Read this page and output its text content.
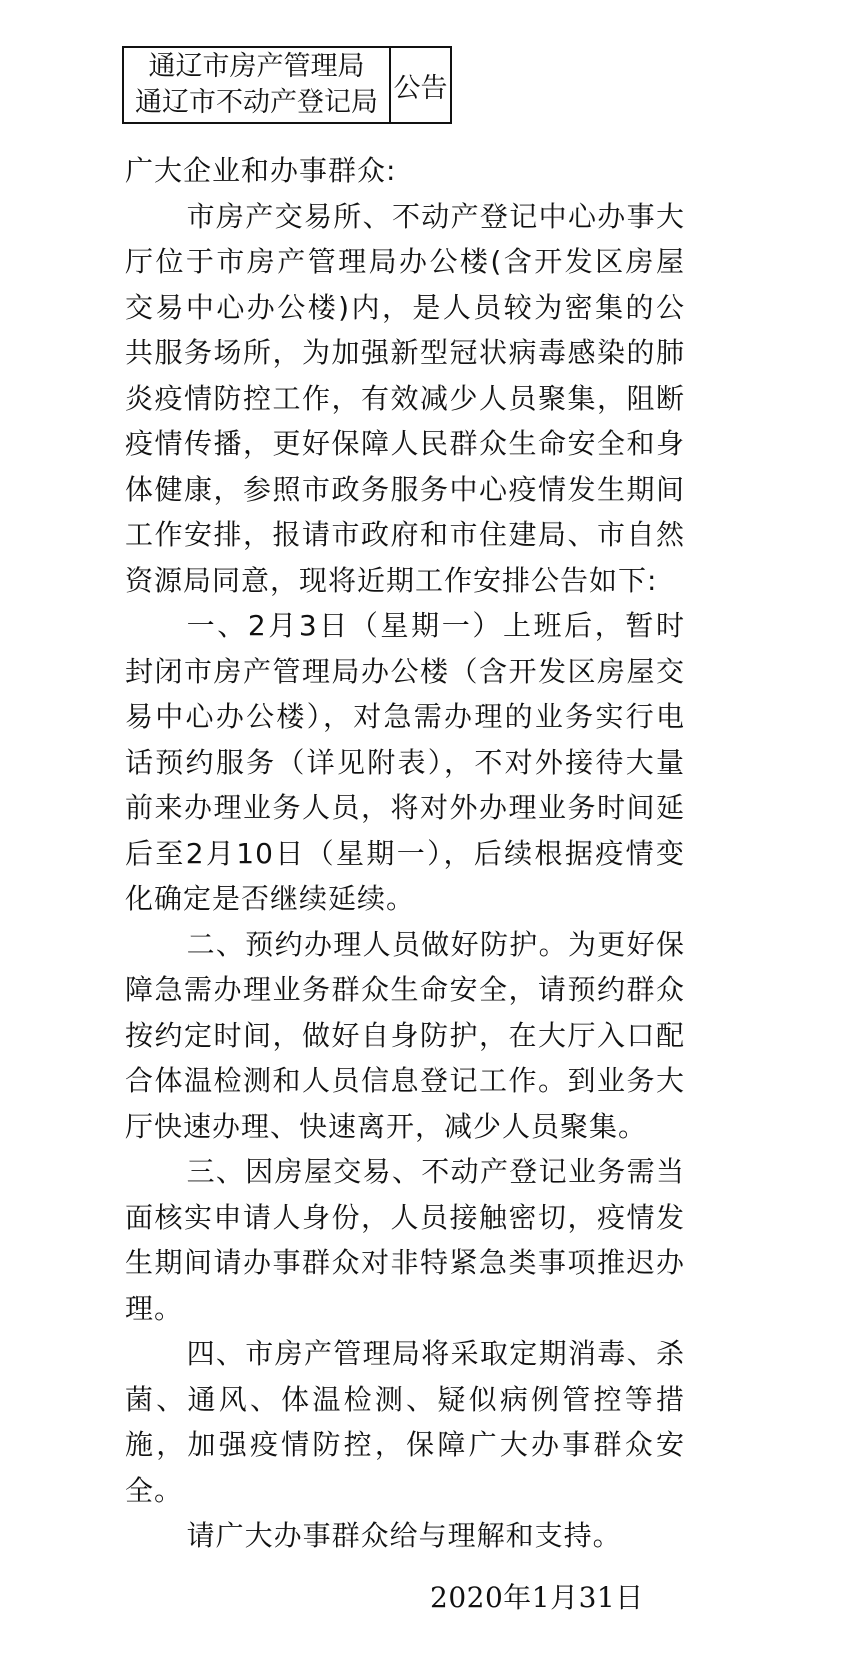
通辽市房产管理局
通辽市不动产登记局 公告

广大企业和办事群众:

市房产交易所、不动产登记中心办事大厅位于市房产管理局办公楼(含开发区房屋交易中心办公楼)内，是人员较为密集的公共服务场所，为加强新型冠状病毒感染的肺炎疫情防控工作，有效减少人员聚集，阻断疫情传播，更好保障人民群众生命安全和身体健康，参照市政务服务中心疫情发生期间工作安排，报请市政府和市住建局、市自然资源局同意，现将近期工作安排公告如下:

一、2月3日（星期一）上班后，暂时封闭市房产管理局办公楼（含开发区房屋交易中心办公楼），对急需办理的业务实行电话预约服务（详见附表），不对外接待大量前来办理业务人员，将对外办理业务时间延后至2月10日（星期一），后续根据疫情变化确定是否继续延续。

二、预约办理人员做好防护。为更好保障急需办理业务群众生命安全，请预约群众按约定时间，做好自身防护，在大厅入口配合体温检测和人员信息登记工作。到业务大厅快速办理、快速离开，减少人员聚集。

三、因房屋交易、不动产登记业务需当面核实申请人身份，人员接触密切，疫情发生期间请办事群众对非特紧急类事项推迟办理。

四、市房产管理局将采取定期消毒、杀菌、通风、体温检测、疑似病例管控等措施，加强疫情防控，保障广大办事群众安全。

请广大办事群众给与理解和支持。

2020年1月31日
